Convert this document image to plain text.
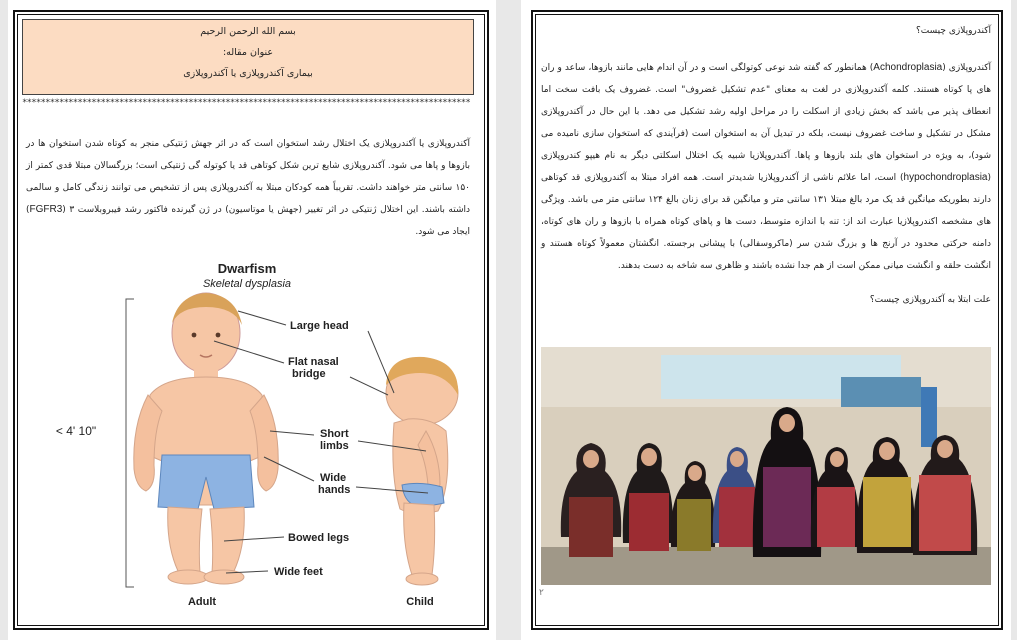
بسم الله الرحمن الرحیم
عنوان مقاله:
بیماری آکندروپلازی یا آکندروپلازی
*************************************************************************************************

آکندروپلازی یا آکندروپلازی یک اختلال رشد استخوان است که در اثر جهش ژنتیکی منجر به کوتاه شدن استخوان ها در بازوها و پاها می شود. آکندروپلازی شایع ترین شکل کوتاهی قد یا کوتوله گی ژنتیکی است؛ بزرگسالان مبتلا قدی کمتر از ۱۵۰ سانتی متر خواهند داشت. تقریباً همه کودکان مبتلا به آکندروپلازی پس از تشخیص می توانند زندگی کامل و سالمی داشته باشند. این اختلال ژنتیکی در اثر تغییر (جهش یا موتاسیون) در ژن گیرنده فاکتور رشد فیبروبلاست ۳ (FGFR3) ایجاد می شود.

Dwarfism
Skeletal dysplasia
< 4' 10"
Large head
Flat nasal
bridge
Short
limbs
Wide
hands
Bowed legs
Wide feet
Adult	Child

آکندروپلازی چیست؟

آکندروپلازی (Achondroplasia) همانطور که گفته شد نوعی کوتولگی است و در آن اندام هایی مانند بازوها، ساعد و ران های پا کوتاه هستند. کلمه آکندروپلازی در لغت به معنای "عدم تشکیل غضروف" است. غضروف یک بافت سخت اما انعطاف پذیر می باشد که بخش زیادی از اسکلت را در مراحل اولیه رشد تشکیل می دهد. با این حال در آکندروپلازی مشکل در تشکیل و ساخت غضروف نیست، بلکه در تبدیل آن به استخوان است (فرآیندی که استخوان سازی نامیده می شود)، به ویژه در استخوان های بلند بازوها و پاها. آکندروپلازیا شبیه یک اختلال اسکلتی دیگر به نام هیپو کندروپلازی (hypochondroplasia) است، اما علائم ناشی از آکندروپلازیا شدیدتر است. همه افراد مبتلا به آکندروپلازی قد کوتاهی دارند بطوریکه میانگین قد یک مرد بالغ مبتلا ۱۳۱ سانتی متر و میانگین قد برای زنان بالغ ۱۲۴ سانتی متر می باشد. ویژگی های مشخصه اکندروپلازیا عبارت اند از: تنه با اندازه متوسط، دست ها و پاهای کوتاه همراه با بازوها و ران های کوتاه، دامنه حرکتی محدود در آرنج ها و بزرگ شدن سر (ماکروسفالی) با پیشانی برجسته. انگشتان معمولاً کوتاه هستند و انگشت حلقه و انگشت میانی ممکن است از هم جدا نشده باشند و ظاهری سه شاخه به دست بدهند.

علت ابتلا به آکندروپلازی چیست؟

۲
